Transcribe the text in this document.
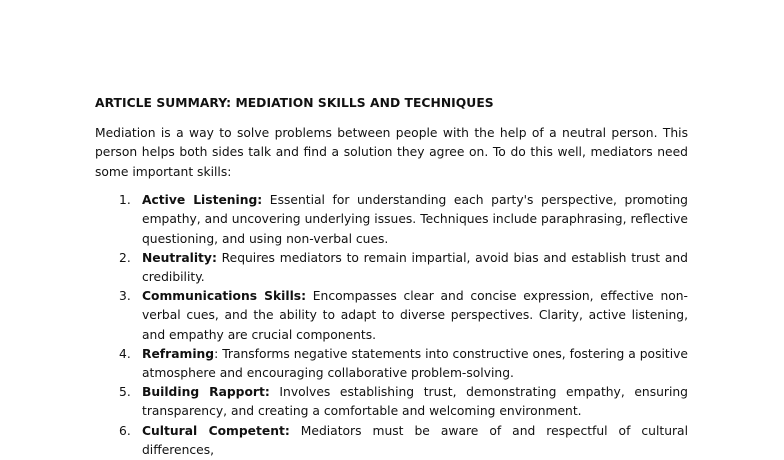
ARTICLE SUMMARY: MEDIATION SKILLS AND TECHNIQUES

Mediation is a way to solve problems between people with the help of a neutral person. This person helps both sides talk and find a solution they agree on. To do this well, mediators need some important skills:

1. Active Listening: Essential for understanding each party's perspective, promoting empathy, and uncovering underlying issues. Techniques include paraphrasing, reflective questioning, and using non-verbal cues.
2. Neutrality: Requires mediators to remain impartial, avoid bias and establish trust and credibility.
3. Communications Skills: Encompasses clear and concise expression, effective non-verbal cues, and the ability to adapt to diverse perspectives. Clarity, active listening, and empathy are crucial components.
4. Reframing: Transforms negative statements into constructive ones, fostering a positive atmosphere and encouraging collaborative problem-solving.
5. Building Rapport: Involves establishing trust, demonstrating empathy, ensuring transparency, and creating a comfortable and welcoming environment.
6. Cultural Competent: Mediators must be aware of and respectful of cultural differences,
